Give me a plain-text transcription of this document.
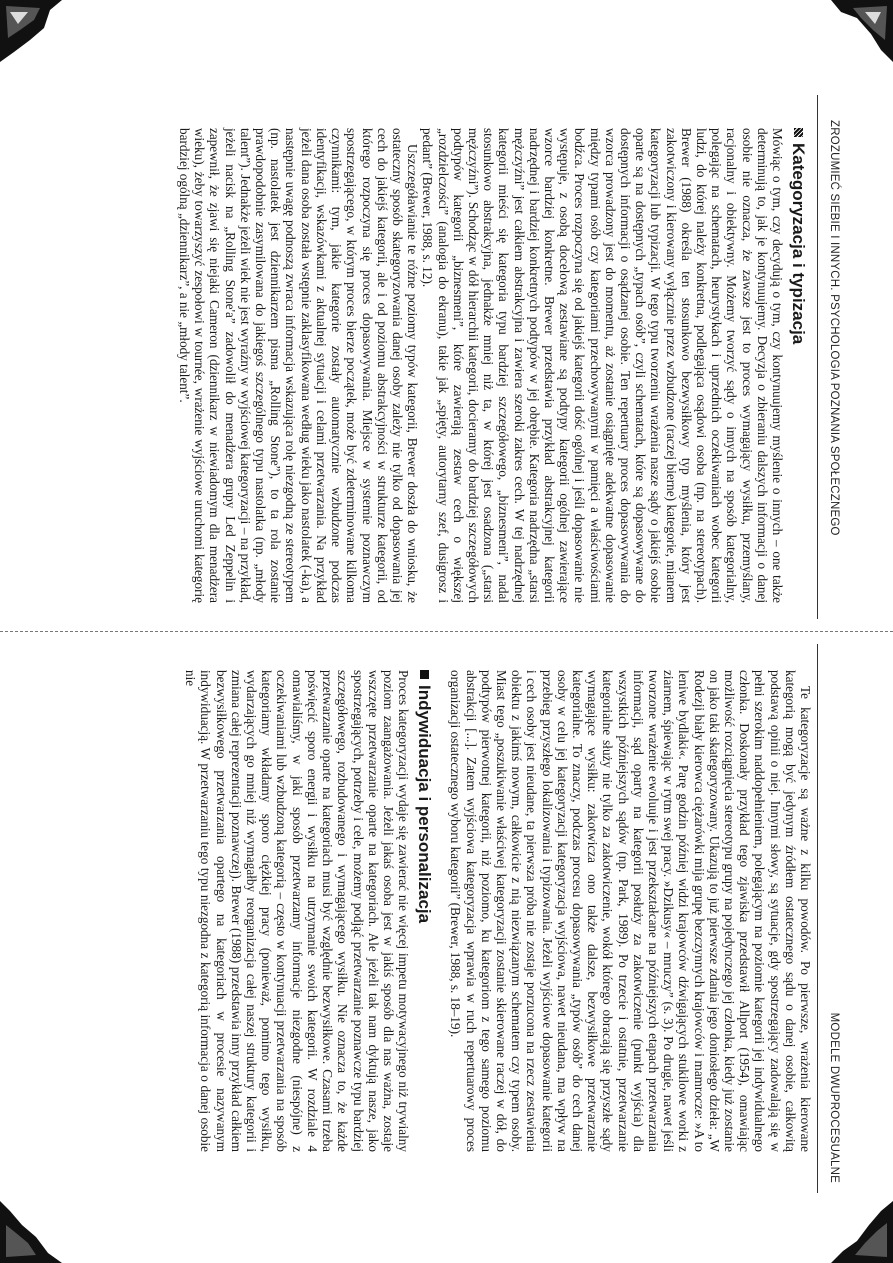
ZROZUMIEĆ SIEBIE I INNYCH. PSYCHOLOGIA POZNANIA SPOŁECZNEGO
Kategoryzacja i typizacja

Mówiąc o tym, czy decydują o tym, czy kontynuujemy myślenie o innych – one także determinują to, jak je kontynuujemy. Decyzja o zbieraniu dalszych informacji o danej osobie nie oznacza, że zawsze jest to proces wymagający wysiłku, przemyślany, racjonalny i obiektywny. Możemy tworzyć sądy o innych na sposób kategorialny, polegając na schematach, heurystykach i uprzednich oczekiwaniach wobec kategorii ludzi, do której należy konkretna, podlegająca osądowi osoba (np. na stereotypach). Brewer (1988) określa ten stosunkowo bezwysiłkowy typ myślenia, który jest zakotwiczony i kierowany wyłącznie przez wzbudzone (raczej bierne) kategorie, mianem kategoryzacji lub typizacji. W tego typu tworzeniu wrażenia nasze sądy o jakiejś osobie oparte są na dostępnych „typach osób”, czyli schematach, które są dopasowywane do dostępnych informacji o osądzanej osobie. Ten repertuary proces dopasowywania do wzorca prowadzony jest do momentu, aż zostanie osiągnięte adekwatne dopasowanie między typami osób czy kategoriami przechowywanymi w pamięci a właściwościami bodźca. Proces rozpoczyna się od jakiejś kategorii dość ogólnej i jeśli dopasowanie nie występuje, z osobą docelową zestawiane są podtypy kategorii ogólnej zawierające wzorce bardziej konkretne. Brewer przedstawia przykład abstrakcyjnej kategorii nadrzędnej i bardziej konkretnych podtypów w jej obrębie. Kategoria nadrzędna „starsi mężczyźni” jest całkiem abstrakcyjna i zawiera szeroki zakres cech. W tej nadrzędnej kategorii mieści się kategoria typu bardziej szczegółowego, „biznesmeni”, nadal stosunkowo abstrakcyjna, jednakże mniej niż ta, w której jest osadzona („starsi mężczyźni”). Schodząc w dół hierarchii kategorii, docieramy do bardziej szczegółowych podtypów kategorii „biznesmeni”, które zawierają zestaw cech o większej „rozdzielczości” (analogia do ekranu), takie jak „spięty, autorytarny szef, dusigrosz i pedant” (Brewer, 1988, s. 12).

Uszczegóławianie te różne poziomy typów kategorii, Brewer doszła do wniosku, że ostateczny sposób skategoryzowania danej osoby zależy nie tylko od dopasowania jej cech do jakiejś kategorii, ale i od poziomu abstrakcyjności w strukturze kategorii, od którego rozpoczyna się proces dopasowywania. Miejsce w systemie poznawczym spostrzegającego, w którym proces bierze początek, może być zdeterminowane kilkoma czynnikami: tym, jakie kategorie zostały automatycznie wzbudzone podczas identyfikacji, wskazówkami z aktualnej sytuacji i celami przetwarzania. Na przykład jeżeli dana osoba została wstępnie zaklasyfikowana według wieku jako nastolatek (-ka), a następnie uwagę podnoszą zwraca informacja wskazująca rolę niezgodną ze stereotypem (np. nastolatek jest dziennikarzem pisma „Rolling Stone”), to ta rola zostanie prawdopodobnie zasymilowana do jakiegoś szczególnego typu nastolatka (np. „młody talent”). Jednakże jeżeli wiek nie jest wyraźny w wyjściowej kategoryzacji – na przykład, jeżeli nacisk na „Rolling Stone'a” zadowolił do menadżera grupy Led Zeppelin i zapewnił, że zjawi się niejaki Cameron (dziennikarz w niewiadomym dla menadżera wieku), żeby towarzyszyć zespołowi w tournée, wrażenie wyjściowe uruchomi kategorię bardziej ogólną „dziennikarz”, a nie „młody talent”.

MODELE DWUPROCESUALNE

Te kategoryzacje są ważne z kilku powodów. Po pierwsze, wrażenia kierowane kategorią mogą być jedynym źródłem ostatecznego sądu o danej osobie, całkowitą podstawą opinii o niej. Innymi słowy, są sytuacje, gdy spostrzegający zadowalają się w pełni szerokim naddopełnieniem, polegającym na poziomie kategorii jej indywidualnego członka. Doskonały przykład tego zjawiska przedstawił Allport (1954), omawiając możliwość rozciągnięcia stereotypu grupy na pojedynczego jej członka, kiedy już zostanie on jako taki skategoryzowany. Ukazują to już pierwsze zdania jego doniosłego dzieła: „W Rodezji biały kierowca ciężarówki mija grupę bezczynnych krajowców i mamrocze: »A to leniwe bydlaki«. Parę godzin później widzi krajowców dźwigających stukilowe worki z ziarnem, śpiewając w rytm swej pracy. »Dzikusy« – mruczy” (s. 3). Po drugie, nawet jeśli tworzone wrażenie ewoluuje i jest przekształcane na późniejszych etapach przetwarzania informacji, sąd oparty na kategorii posłuży za zakotwiczenie (punkt wyjścia) dla wszystkich późniejszych sądów (np. Park, 1989). Po trzecie i ostatnie, przetwarzanie kategorialne służy nie tylko za zakotwiczenie, wokół którego obracają się przyszłe sądy wymagające wysiłku: zakotwicza ono także dalsze, bezwysiłkowe przetwarzanie kategorialne. To znaczy, podczas procesu dopasowywania „typów osób” do cech danej osoby w celu jej kategoryzacji kategoryzacja wyjściowa, nawet nieudana, ma wpływ na przebieg przyszłego lokalizowania i typizowania. Jeżeli wyjściowe dopasowanie kategorii i cech osoby jest nieudane, ta pierwsza próba nie zostaje porzucona na rzecz zestawienia obiektu z jakimś nowym, całkowicie z nią niezwiązanym schematem czy typem osoby. Miast tego „poszukiwanie właściwej kategoryzacji zostanie skierowane raczej w dół, do podtypów pierwotnej kategorii, niż poziomo, ku kategoriom z tego samego poziomu abstrakcji [...]. Zatem wyjściowa kategoryzacja wprawia w ruch repertuarowy proces organizacji ostatecznego wyboru kategorii” (Brewer, 1988, s. 18–19).

Indywiduacja i personalizacja

Proces kategoryzacji wydaje się zawierać nie więcej impetu motywacyjnego niż trywialny poziom zaangażowania. Jeżeli jakaś osoba jest w jakiś sposób dla nas ważna, zostaje wszczęte przetwarzanie oparte na kategoriach. Ale jeżeli tak nam dyktują nasze, jako spostrzegających, potrzeby i cele, możemy podjąć przetwarzanie poznawcze typu bardziej szczegółowego, rozbudowanego i wymagającego wysiłku. Nie oznacza to, że każde przetwarzanie oparte na kategoriach musi być względnie bezwysiłkowe. Czasami trzeba poświęcić sporo energii i wysiłku na utrzymanie swoich kategorii. W rozdziale 4 omawialiśmy, w jaki sposób przetwarzamy informacje niezgodne (niespójne) z oczekiwaniami lub wzbudzoną kategorią – często w kontynuacji przetwarzania na sposób kategoriamy wkładamy sporo ciężkiej pracy (ponieważ, pomimo tego wysiłku, wydarzających go mniej niż wymagałby reorganizacja całej naszej struktury kategorii i zmiana całej reprezentacji poznawczej). Brewer (1988) przedstawia inny przykład całkiem bezwysiłkowego przetwarzania opartego na kategoriach w procesie nazywanym indywiduacją. W przetwarzaniu tego typu niezgodna z kategorią informacja o danej osobie nie
